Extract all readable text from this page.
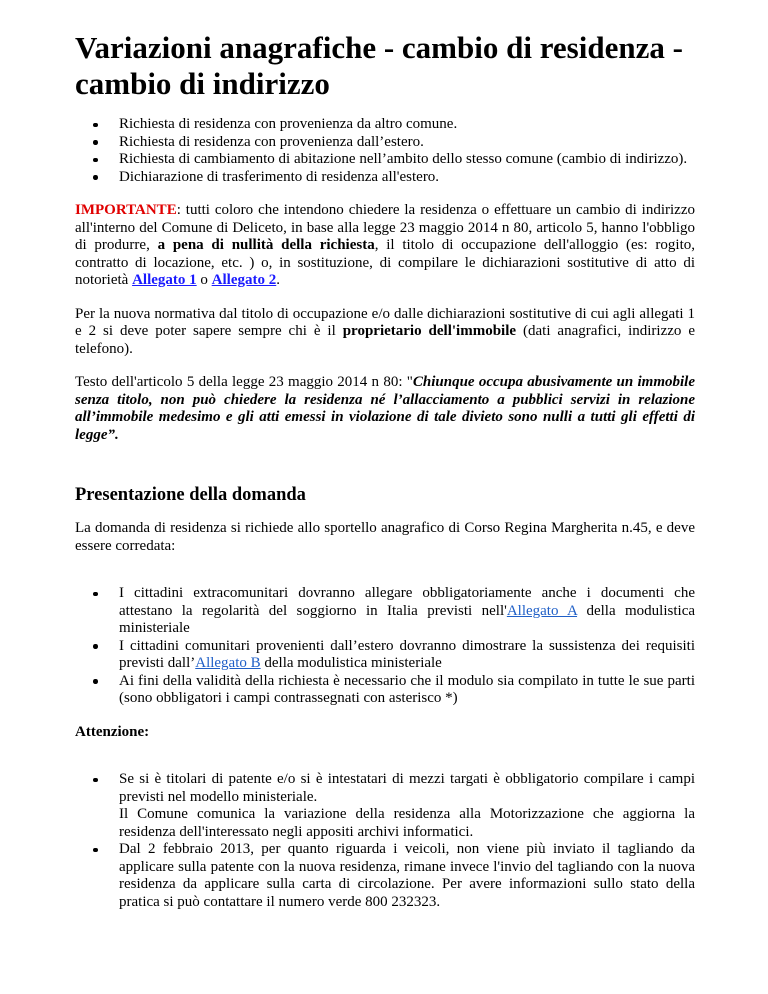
Variazioni anagrafiche - cambio di residenza - cambio di indirizzo
Richiesta di residenza con provenienza da altro comune.
Richiesta di residenza con provenienza dall’estero.
Richiesta di cambiamento di abitazione nell’ambito dello stesso comune (cambio di indirizzo).
Dichiarazione di trasferimento di residenza all'estero.

IMPORTANTE: tutti coloro che intendono chiedere la residenza o effettuare un cambio di indirizzo all'interno del Comune di Deliceto, in base alla legge 23 maggio 2014 n 80, articolo 5, hanno l'obbligo di produrre, a pena di nullità della richiesta, il titolo di occupazione dell'alloggio (es: rogito, contratto di locazione, etc. ) o, in sostituzione, di compilare le dichiarazioni sostitutive di atto di notorietà Allegato 1 o Allegato 2.

Per la nuova normativa dal titolo di occupazione e/o dalle dichiarazioni sostitutive di cui agli allegati 1 e 2 si deve poter sapere sempre chi è il proprietario dell'immobile (dati anagrafici, indirizzo e telefono).

Testo dell'articolo 5 della legge 23 maggio 2014 n 80: "Chiunque occupa abusivamente un immobile senza titolo, non può chiedere la residenza né l’allacciamento a pubblici servizi in relazione all’immobile medesimo e gli atti emessi in violazione di tale divieto sono nulli a tutti gli effetti di legge”.

Presentazione della domanda

La domanda di residenza si richiede allo sportello anagrafico di Corso Regina Margherita n.45, e deve essere corredata:

I cittadini extracomunitari dovranno allegare obbligatoriamente anche i documenti che attestano la regolarità del soggiorno in Italia previsti nell'Allegato A della modulistica ministeriale
I cittadini comunitari provenienti dall’estero dovranno dimostrare la sussistenza dei requisiti previsti dall’Allegato B della modulistica ministeriale
Ai fini della validità della richiesta è necessario che il modulo sia compilato in tutte le sue parti (sono obbligatori i campi contrassegnati con asterisco *)

Attenzione:

Se si è titolari di patente e/o si è intestatari di mezzi targati è obbligatorio compilare i campi previsti nel modello ministeriale.
Il Comune comunica la variazione della residenza alla Motorizzazione che aggiorna la residenza dell'interessato negli appositi archivi informatici.
Dal 2 febbraio 2013, per quanto riguarda i veicoli, non viene più inviato il tagliando da applicare sulla patente con la nuova residenza, rimane invece l'invio del tagliando con la nuova residenza da applicare sulla carta di circolazione. Per avere informazioni sullo stato della pratica si può contattare il numero verde 800 232323.
